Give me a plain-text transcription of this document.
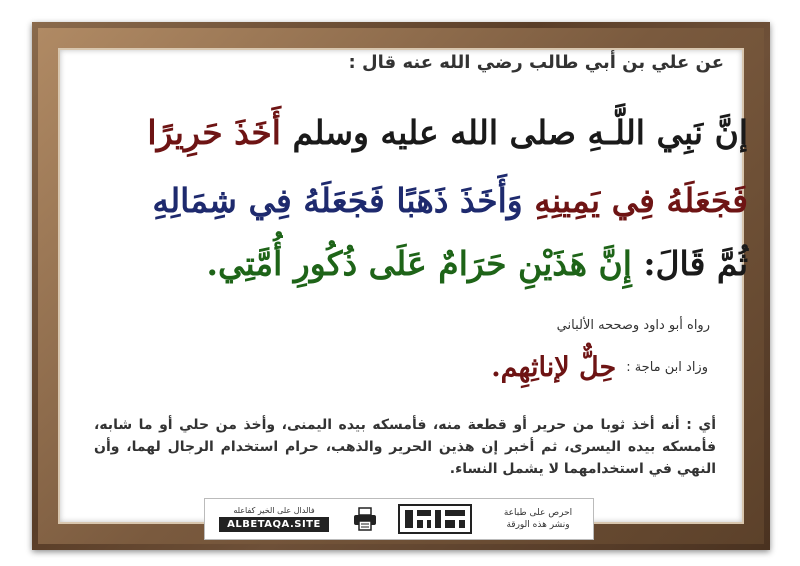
عن علي بن أبي طالب رضي الله عنه قال :
إنَّ نَبِي اللَّـهِ صلى الله عليه وسلم أَخَذَ حَرِيرًا
فَجَعَلَهُ فِي يَمِينِهِ وَأَخَذَ ذَهَبًا فَجَعَلَهُ فِي شِمَالِهِ
ثُمَّ قَالَ: إِنَّ هَذَيْنِ حَرَامٌ عَلَى ذُكُورِ أُمَّتِي.
رواه أبو داود وصححه الألباني
وزاد ابن ماجة :
حِلٌّ لإناثِهِم.
أي : أنه أخذ ثوبا من حرير أو قطعة منه، فأمسكه بيده اليمنى، وأخذ من حلي أو ما شابه، فأمسكه بيده اليسرى، ثم أخبر إن هذين الحرير والذهب، حرام استخدام الرجال لهما، وأن النهي في استخدامهما لا يشمل النساء.
فالدال على الخير كفاعله
ALBETAQA.SITE
احرص على طباعة
ونشر هذه الورقة
